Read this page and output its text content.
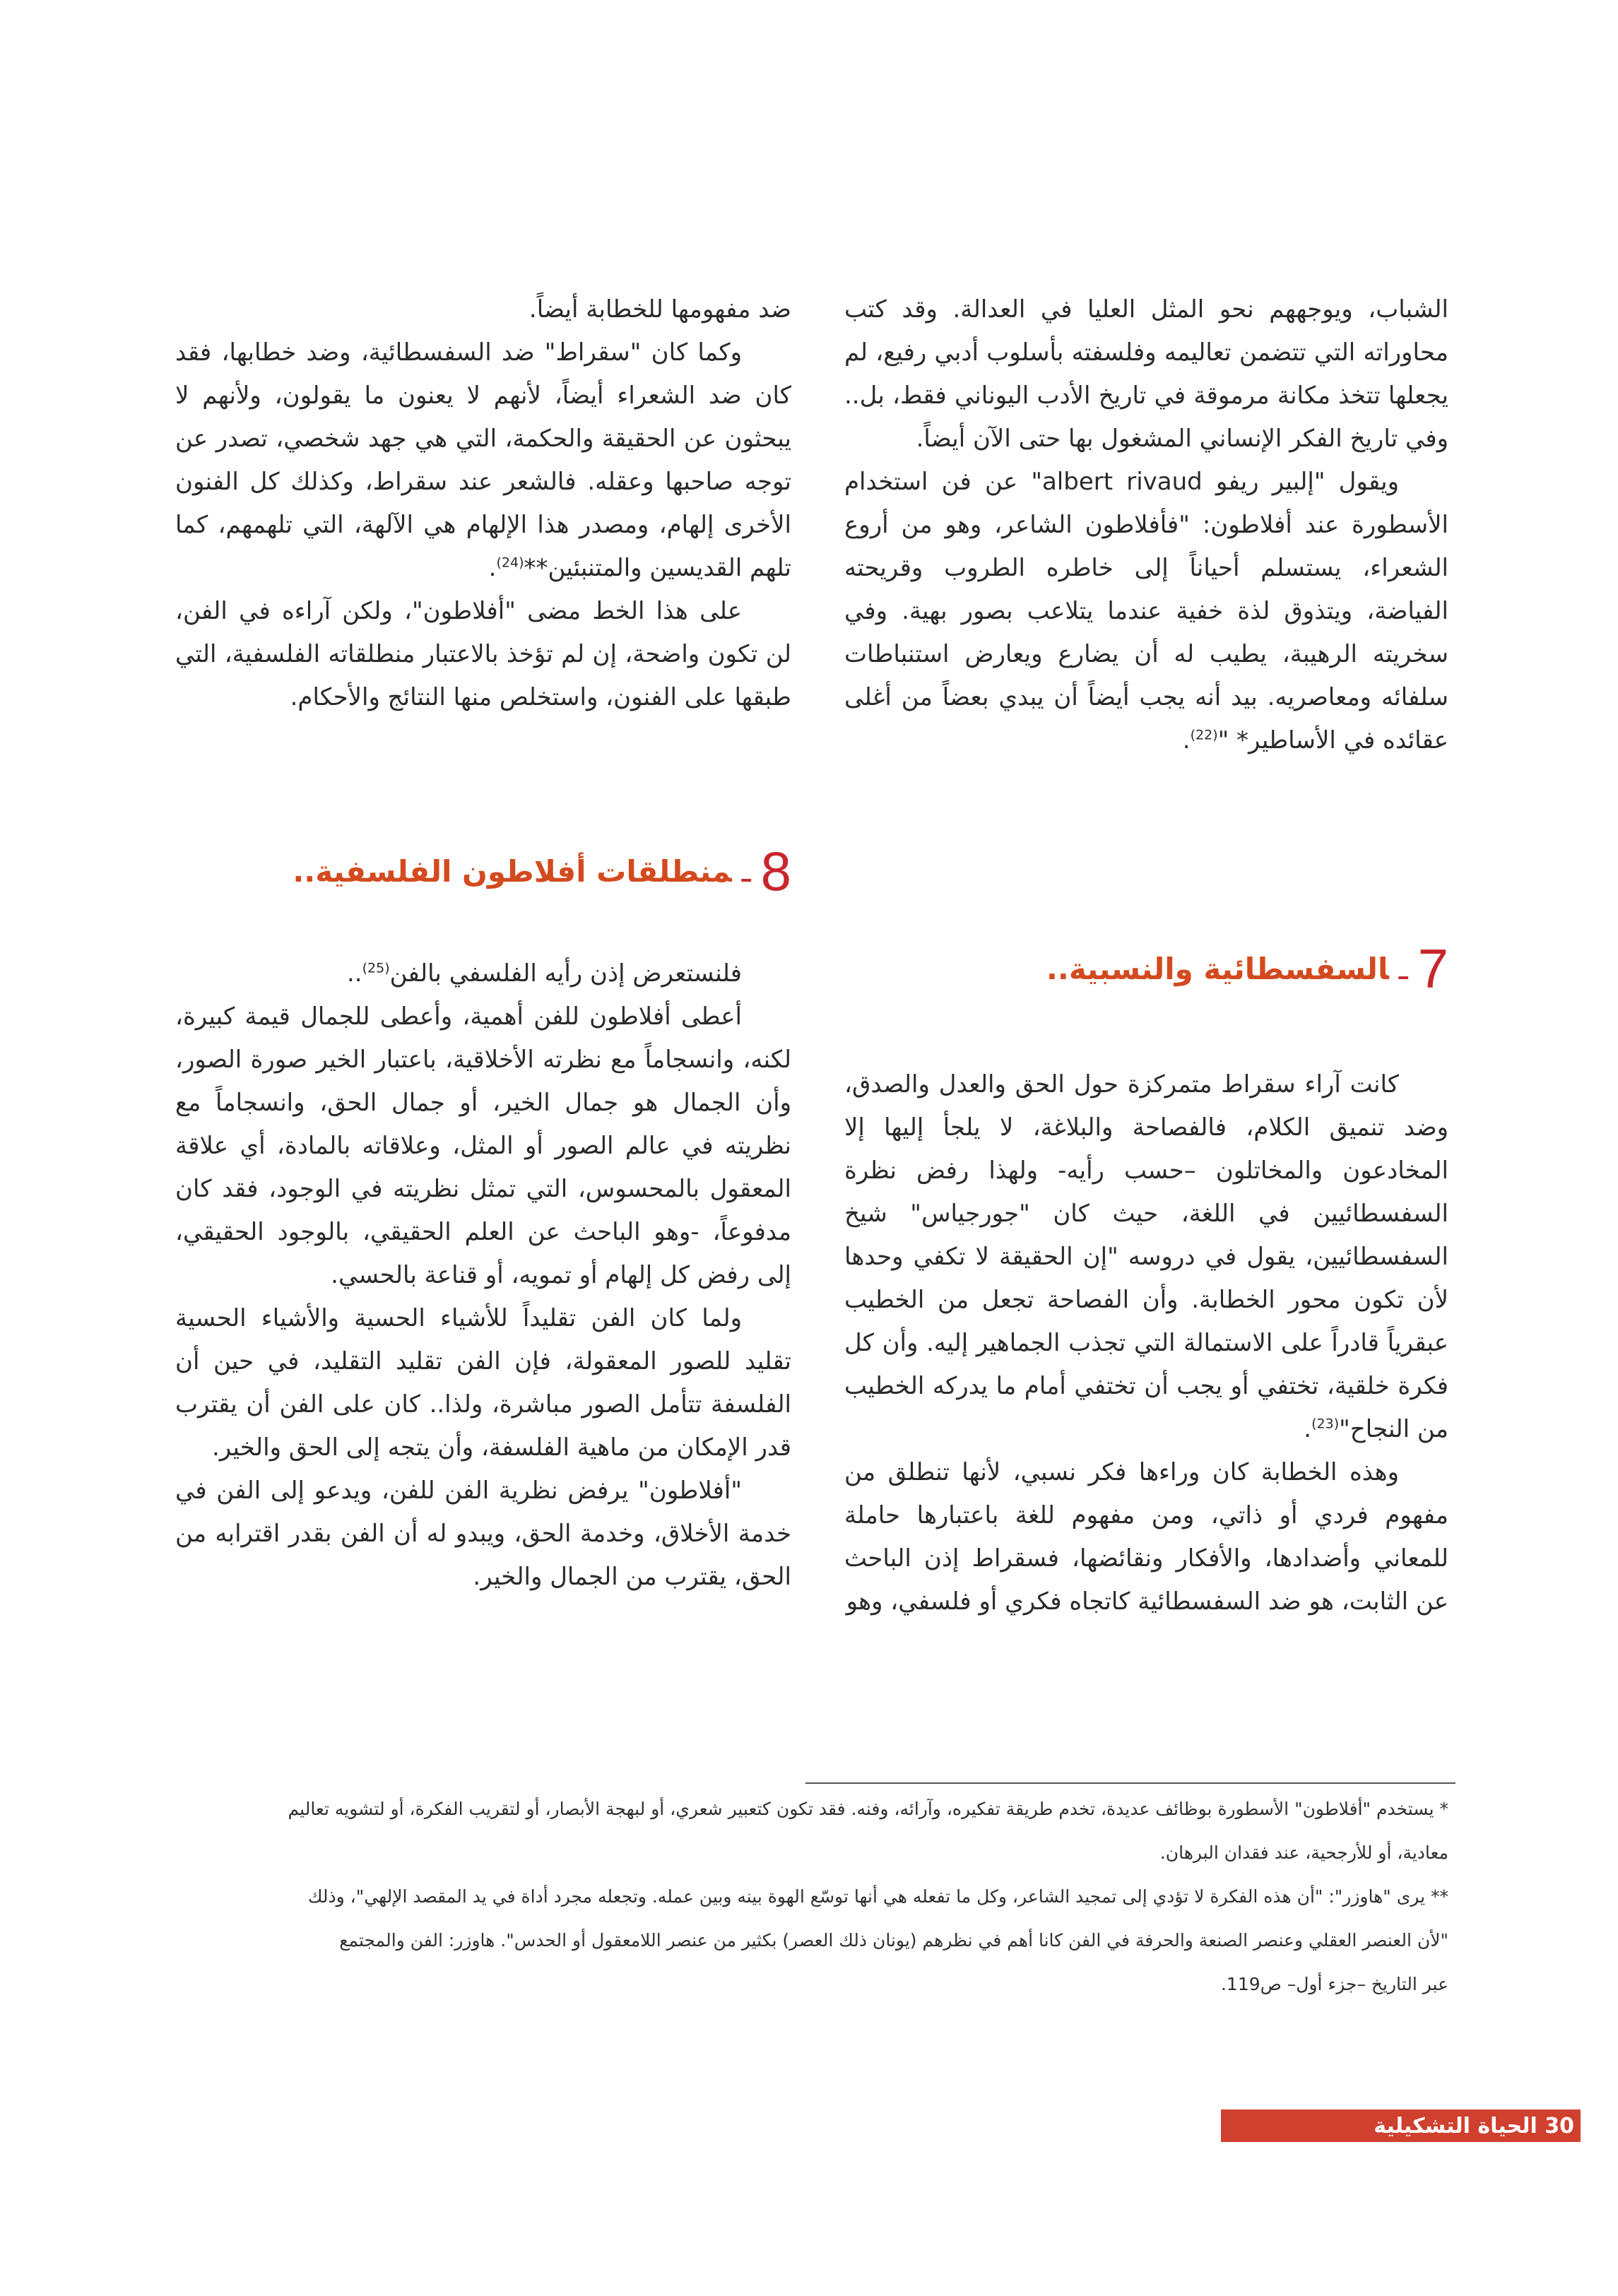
الشباب، ويوجههم نحو المثل العليا في العدالة. وقد كتب محاوراته التي تتضمن تعاليمه وفلسفته بأسلوب أدبي رفيع، لم يجعلها تتخذ مكانة مرموقة في تاريخ الأدب اليوناني فقط، بل.. وفي تاريخ الفكر الإنساني المشغول بها حتى الآن أيضاً.

ويقول "إلبير ريفو albert rivaud" عن فن استخدام الأسطورة عند أفلاطون: "فأفلاطون الشاعر، وهو من أروع الشعراء، يستسلم أحياناً إلى خاطره الطروب وقريحته الفياضة، ويتذوق لذة خفية عندما يتلاعب بصور بهية. وفي سخريته الرهيبة، يطيب له أن يضارع ويعارض استنباطات سلفائه ومعاصريه. بيد أنه يجب أيضاً أن يبدي بعضاً من أغلى عقائده في الأساطير* "$^{(22)}$.

7ـالسفسطائية والنسبية..

كانت آراء سقراط متمركزة حول الحق والعدل والصدق، وضد تنميق الكلام، فالفصاحة والبلاغة، لا يلجأ إليها إلا المخادعون والمخاتلون –حسب رأيه- ولهذا رفض نظرة السفسطائيين في اللغة، حيث كان "جورجياس" شيخ السفسطائيين، يقول في دروسه "إن الحقيقة لا تكفي وحدها لأن تكون محور الخطابة. وأن الفصاحة تجعل من الخطيب عبقرياً قادراً على الاستمالة التي تجذب الجماهير إليه. وأن كل فكرة خلقية، تختفي أو يجب أن تختفي أمام ما يدركه الخطيب من النجاح"$^{(23)}$.

وهذه الخطابة كان وراءها فكر نسبي، لأنها تنطلق من مفهوم فردي أو ذاتي، ومن مفهوم للغة باعتبارها حاملة للمعاني وأضدادها، والأفكار ونقائضها، فسقراط إذن الباحث عن الثابت، هو ضد السفسطائية كاتجاه فكري أو فلسفي، وهو

ضد مفهومها للخطابة أيضاً.

وكما كان "سقراط" ضد السفسطائية، وضد خطابها، فقد كان ضد الشعراء أيضاً، لأنهم لا يعنون ما يقولون، ولأنهم لا يبحثون عن الحقيقة والحكمة، التي هي جهد شخصي، تصدر عن توجه صاحبها وعقله. فالشعر عند سقراط، وكذلك كل الفنون الأخرى إلهام، ومصدر هذا الإلهام هي الآلهة، التي تلهمهم، كما تلهم القديسين والمتنبئين**$^{(24)}$.

على هذا الخط مضى "أفلاطون"، ولكن آراءه في الفن، لن تكون واضحة، إن لم تؤخذ بالاعتبار منطلقاته الفلسفية، التي طبقها على الفنون، واستخلص منها النتائج والأحكام.

8ـمنطلقات أفلاطون الفلسفية..

فلنستعرض إذن رأيه الفلسفي بالفن$^{(25)}$..

أعطى أفلاطون للفن أهمية، وأعطى للجمال قيمة كبيرة، لكنه، وانسجاماً مع نظرته الأخلاقية، باعتبار الخير صورة الصور، وأن الجمال هو جمال الخير، أو جمال الحق، وانسجاماً مع نظريته في عالم الصور أو المثل، وعلاقاته بالمادة، أي علاقة المعقول بالمحسوس، التي تمثل نظريته في الوجود، فقد كان مدفوعاً، -وهو الباحث عن العلم الحقيقي، بالوجود الحقيقي، إلى رفض كل إلهام أو تمويه، أو قناعة بالحسي.

ولما كان الفن تقليداً للأشياء الحسية والأشياء الحسية تقليد للصور المعقولة، فإن الفن تقليد التقليد، في حين أن الفلسفة تتأمل الصور مباشرة، ولذا.. كان على الفن أن يقترب قدر الإمكان من ماهية الفلسفة، وأن يتجه إلى الحق والخير.

"أفلاطون" يرفض نظرية الفن للفن، ويدعو إلى الفن في خدمة الأخلاق، وخدمة الحق، ويبدو له أن الفن بقدر اقترابه من الحق، يقترب من الجمال والخير.

* يستخدم "أفلاطون" الأسطورة بوظائف عديدة، تخدم طريقة تفكيره، وآرائه، وفنه. فقد تكون كتعبير شعري، أو لبهجة الأبصار، أو لتقريب الفكرة، أو لتشويه تعاليم

معادية، أو للأرجحية، عند فقدان البرهان.

** يرى "هاوزر": "أن هذه الفكرة لا تؤدي إلى تمجيد الشاعر، وكل ما تفعله هي أنها توسّع الهوة بينه وبين عمله. وتجعله مجرد أداة في يد المقصد الإلهي"، وذلك

"لأن العنصر العقلي وعنصر الصنعة والحرفة في الفن كانا أهم في نظرهم (يونان ذلك العصر) بكثير من عنصر اللامعقول أو الحدس". هاوزر: الفن والمجتمع

عبر التاريخ –جزء أول– ص119.

30 الحياة التشكيلية
